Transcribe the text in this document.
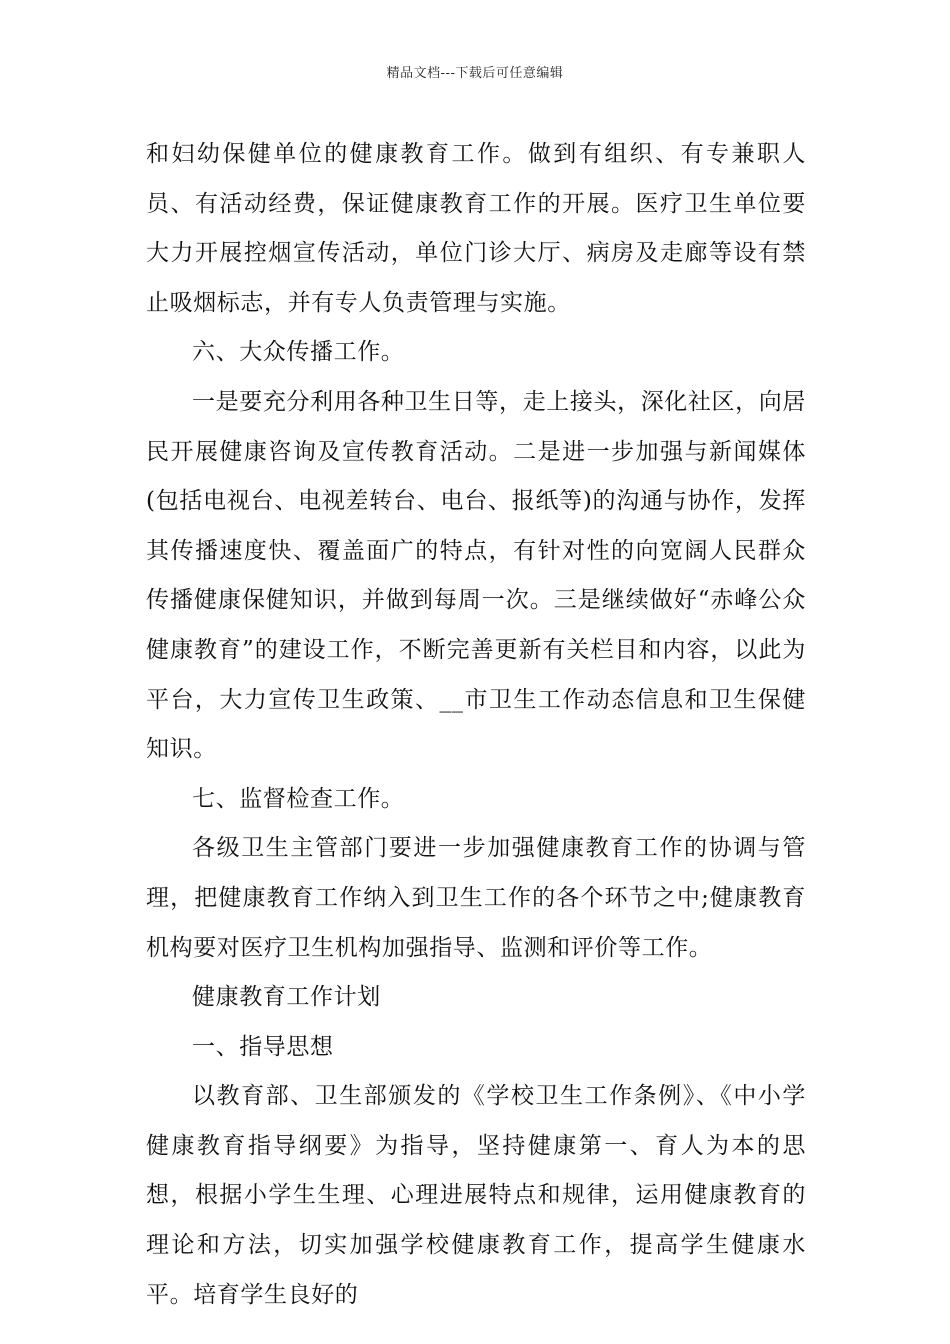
精品文档---下载后可任意编辑

和妇幼保健单位的健康教育工作。做到有组织、有专兼职人员、有活动经费，保证健康教育工作的开展。医疗卫生单位要大力开展控烟宣传活动，单位门诊大厅、病房及走廊等设有禁止吸烟标志，并有专人负责管理与实施。

六、大众传播工作。

一是要充分利用各种卫生日等，走上接头，深化社区，向居民开展健康咨询及宣传教育活动。二是进一步加强与新闻媒体(包括电视台、电视差转台、电台、报纸等)的沟通与协作，发挥其传播速度快、覆盖面广的特点，有针对性的向宽阔人民群众传播健康保健知识，并做到每周一次。三是继续做好“赤峰公众健康教育”的建设工作，不断完善更新有关栏目和内容，以此为平台，大力宣传卫生政策、__市卫生工作动态信息和卫生保健知识。

七、监督检查工作。

各级卫生主管部门要进一步加强健康教育工作的协调与管理，把健康教育工作纳入到卫生工作的各个环节之中;健康教育机构要对医疗卫生机构加强指导、监测和评价等工作。

健康教育工作计划

一、指导思想

以教育部、卫生部颁发的《学校卫生工作条例》、《中小学健康教育指导纲要》为指导，坚持健康第一、育人为本的思想，根据小学生生理、心理进展特点和规律，运用健康教育的理论和方法，切实加强学校健康教育工作，提高学生健康水平。培育学生良好的
